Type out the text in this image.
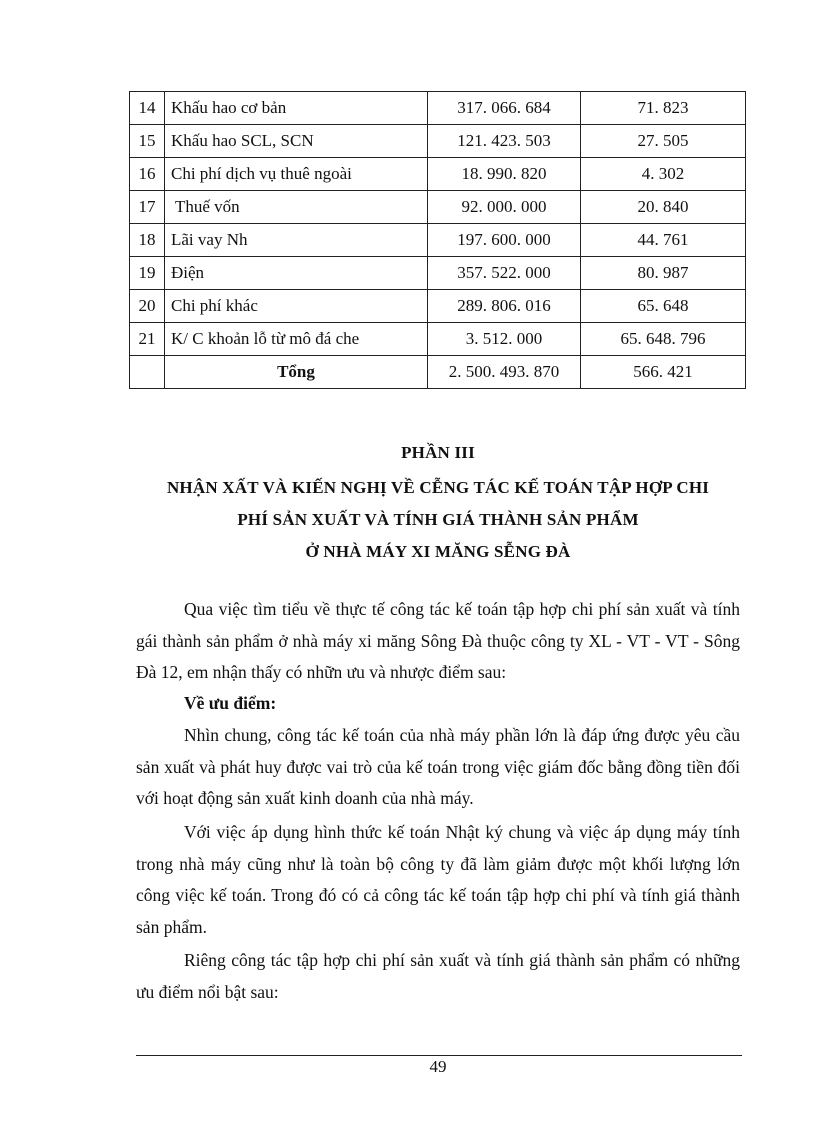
14	Khấu hao cơ bản	317. 066. 684	71. 823
15	Khấu hao SCL, SCN	121. 423. 503	27. 505
16	Chi phí dịch vụ thuê ngoài	18. 990. 820	4. 302
17	Thuế vốn	92. 000. 000	20. 840
18	Lãi vay Nh	197. 600. 000	44. 761
19	Điện	357. 522. 000	80. 987
20	Chi phí khác	289. 806. 016	65. 648
21	K/ C khoản lỗ từ mô đá che	3. 512. 000	65. 648. 796
	Tổng	2. 500. 493. 870	566. 421
PHẦN III
NHẬN XẤT VÀ KIẾN NGHỊ VỀ CỄNG TÁC KẾ TOÁN TẬP HỢP CHI
PHÍ SẢN XUẤT VÀ TÍNH GIÁ THÀNH SẢN PHẨM
Ở NHÀ MÁY XI MĂNG SỄNG ĐÀ

Qua việc tìm tiểu về thực tế công tác kế toán tập hợp chi phí sản xuất và tính gái thành sản phẩm ở nhà máy xi măng Sông Đà thuộc công ty XL - VT - VT - Sông Đà 12, em nhận thấy có nhữn ưu và nhược điểm sau:

Về ưu điểm:

Nhìn chung, công tác kế toán của nhà máy phần lớn là đáp ứng được yêu cầu sản xuất và phát huy được vai trò của kế toán trong việc giám đốc bằng đồng tiền đối với hoạt động sản xuất kinh doanh của nhà máy.

Với việc áp dụng hình thức kế toán Nhật ký chung và việc áp dụng máy tính trong nhà máy cũng như là toàn bộ công ty đã làm giảm được một khối lượng lớn công việc kế toán. Trong đó có cả công tác kế toán tập hợp chi phí và tính giá thành sản phẩm.

Riêng công tác tập hợp chi phí sản xuất và tính giá thành sản phẩm có những ưu điểm nổi bật sau:

49
